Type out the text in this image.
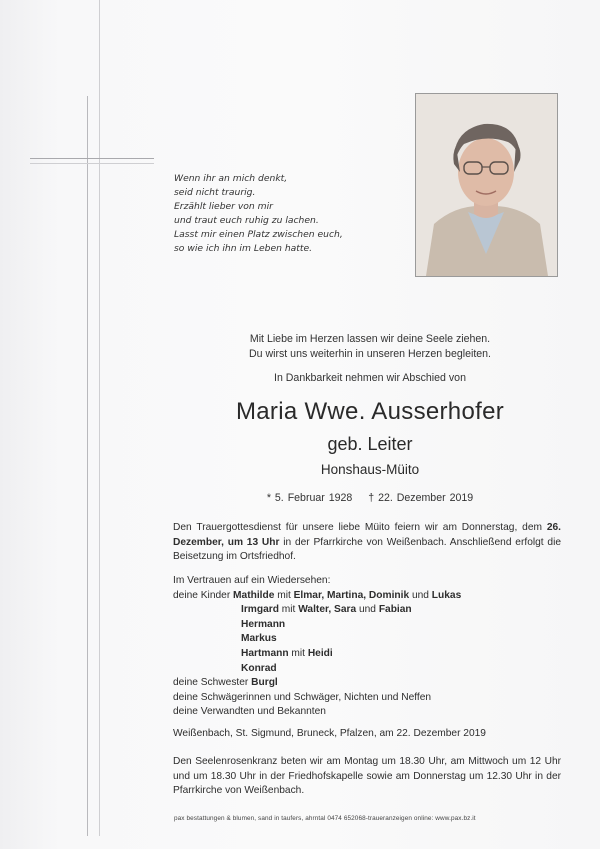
Wenn ihr an mich denkt,
seid nicht traurig.
Erzählt lieber von mir
und traut euch ruhig zu lachen.
Lasst mir einen Platz zwischen euch,
so wie ich ihn im Leben hatte.
Mit Liebe im Herzen lassen wir deine Seele ziehen.
Du wirst uns weiterhin in unseren Herzen begleiten.
In Dankbarkeit nehmen wir Abschied von
Maria Wwe. Ausserhofer
geb. Leiter
Honshaus-Müito
* 5. Februar 1928 † 22. Dezember 2019
Den Trauergottesdienst für unsere liebe Müito feiern wir am Donnerstag, dem 26. Dezember, um 13 Uhr in der Pfarrkirche von Weißenbach. Anschließend erfolgt die Beisetzung im Ortsfriedhof.
Im Vertrauen auf ein Wiedersehen:
deine Kinder Mathilde mit Elmar, Martina, Dominik und Lukas
Irmgard mit Walter, Sara und Fabian
Hermann
Markus
Hartmann mit Heidi
Konrad
deine Schwester Burgl
deine Schwägerinnen und Schwäger, Nichten und Neffen
deine Verwandten und Bekannten
Weißenbach, St. Sigmund, Bruneck, Pfalzen, am 22. Dezember 2019
Den Seelenrosenkranz beten wir am Montag um 18.30 Uhr, am Mittwoch um 12 Uhr und um 18.30 Uhr in der Friedhofskapelle sowie am Donnerstag um 12.30 Uhr in der Pfarrkirche von Weißenbach.
pax bestattungen & blumen, sand in taufers, ahrntal 0474 652068-traueranzeigen online: www.pax.bz.it
